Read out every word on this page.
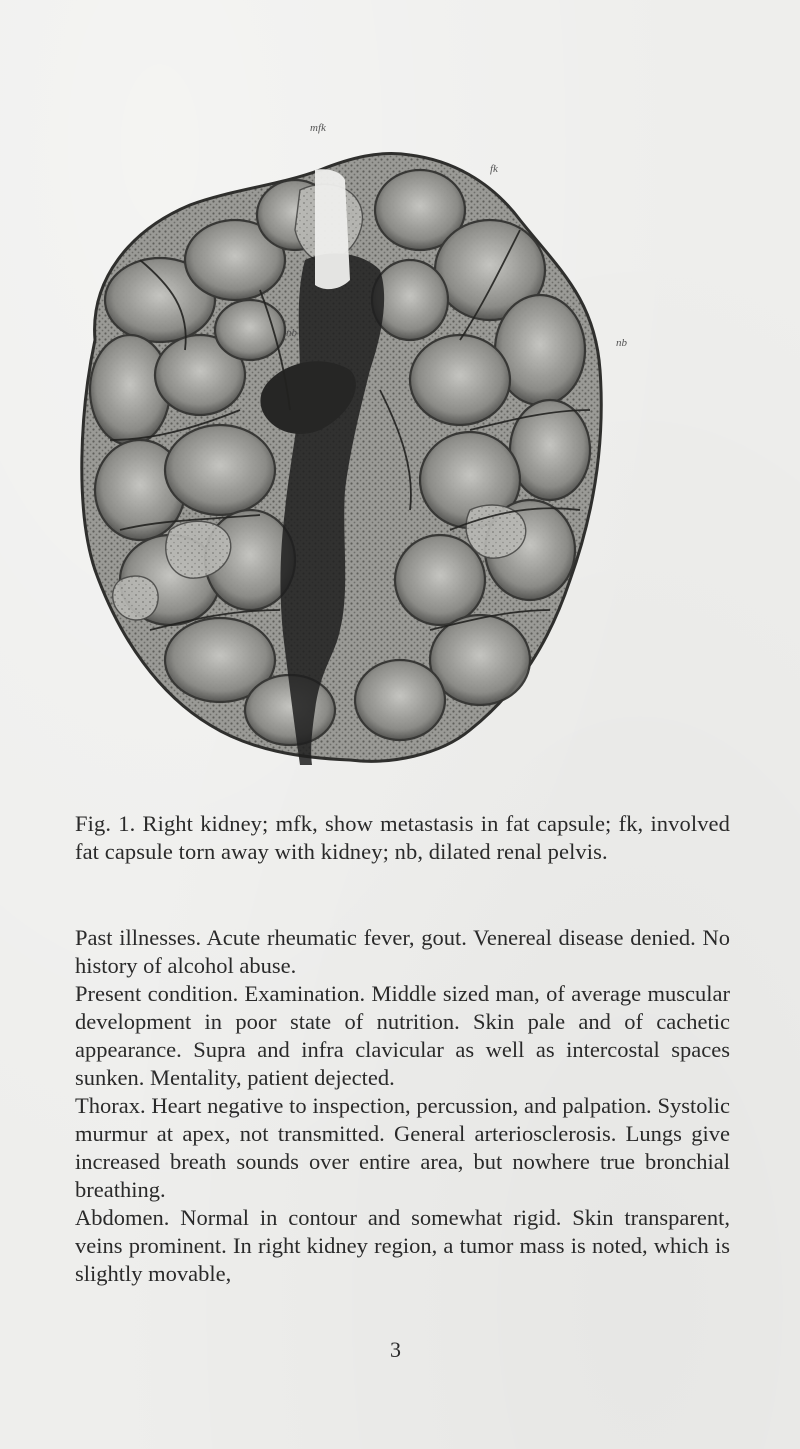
mfk
fk
nb
nb
Fig. 1. Right kidney; mfk, show metastasis in fat capsule; fk, involved fat capsule torn away with kidney; nb, dilated renal pelvis.

Past illnesses. Acute rheumatic fever, gout. Venereal disease denied. No history of alcohol abuse.

Present condition. Examination. Middle sized man, of average muscular development in poor state of nutrition. Skin pale and of cachetic appearance. Supra and infra clavicular as well as intercostal spaces sunken. Mentality, patient dejected.

Thorax. Heart negative to inspection, percussion, and palpation. Systolic murmur at apex, not transmitted. General arteriosclerosis. Lungs give increased breath sounds over entire area, but nowhere true bronchial breathing.

Abdomen. Normal in contour and somewhat rigid. Skin transparent, veins prominent. In right kidney region, a tumor mass is noted, which is slightly movable,

3
